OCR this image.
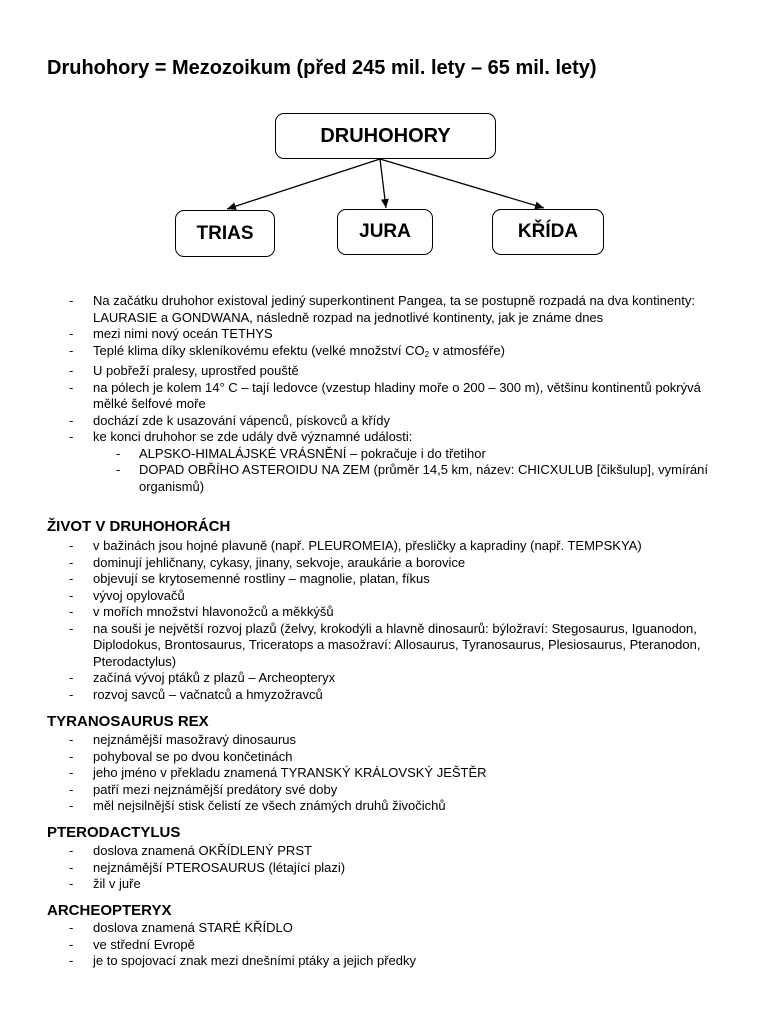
Druhohory = Mezozoikum (před 245 mil. lety – 65 mil. lety)
DRUHOHORY
TRIAS	JURA	KŘÍDA
- Na začátku druhohor existoval jediný superkontinent Pangea, ta se postupně rozpadá na dva kontinenty: LAURASIE a GONDWANA, následně rozpad na jednotlivé kontinenty, jak je známe dnes
- mezi nimi nový oceán TETHYS
- Teplé klima díky skleníkovému efektu (velké množství $CO_2$ v atmosféře)
- U pobřeží pralesy, uprostřed pouště
- na pólech je kolem 14° C – tají ledovce (vzestup hladiny moře o 200 – 300 m), většinu kontinentů pokrývá mělké šelfové moře
- dochází zde k usazování vápenců, pískovců a křídy
- ke konci druhohor se zde udály dvě významné události:
- ALPSKO-HIMALÁJSKÉ VRÁSNĚNÍ – pokračuje i do třetihor
- DOPAD OBŘÍHO ASTEROIDU NA ZEM (průměr 14,5 km, název: CHICXULUB [čikšulup], vymírání organismů)
ŽIVOT V DRUHOHORÁCH
- v bažinách jsou hojné plavuně (např. PLEUROMEIA), přesličky a kapradiny (např. TEMPSKYA)
- dominují jehličnany, cykasy, jinany, sekvoje, araukárie a borovice
- objevují se krytosemenné rostliny – magnolie, platan, fíkus
- vývoj opylovačů
- v mořích množství hlavonožců a měkkýšů
- na souši je největší rozvoj plazů (želvy, krokodýli a hlavně dinosaurů: býložraví: Stegosaurus, Iguanodon, Diplodokus, Brontosaurus, Triceratops a masožraví: Allosaurus, Tyranosaurus, Plesiosaurus, Pteranodon, Pterodactylus)
- začíná vývoj ptáků z plazů – Archeopteryx
- rozvoj savců – vačnatců a hmyzožravců
TYRANOSAURUS REX
- nejznámější masožravý dinosaurus
- pohyboval se po dvou končetinách
- jeho jméno v překladu znamená TYRANSKÝ KRÁLOVSKÝ JEŠTĚR
- patří mezi nejznámější predátory své doby
- měl nejsilnější stisk čelistí ze všech známých druhů živočichů
PTERODACTYLUS
- doslova znamená OKŘÍDLENÝ PRST
- nejznámější PTEROSAURUS (létající plazi)
- žil v juře
ARCHEOPTERYX
- doslova znamená STARÉ KŘÍDLO
- ve střední Evropě
- je to spojovací znak mezi dnešními ptáky a jejich předky
